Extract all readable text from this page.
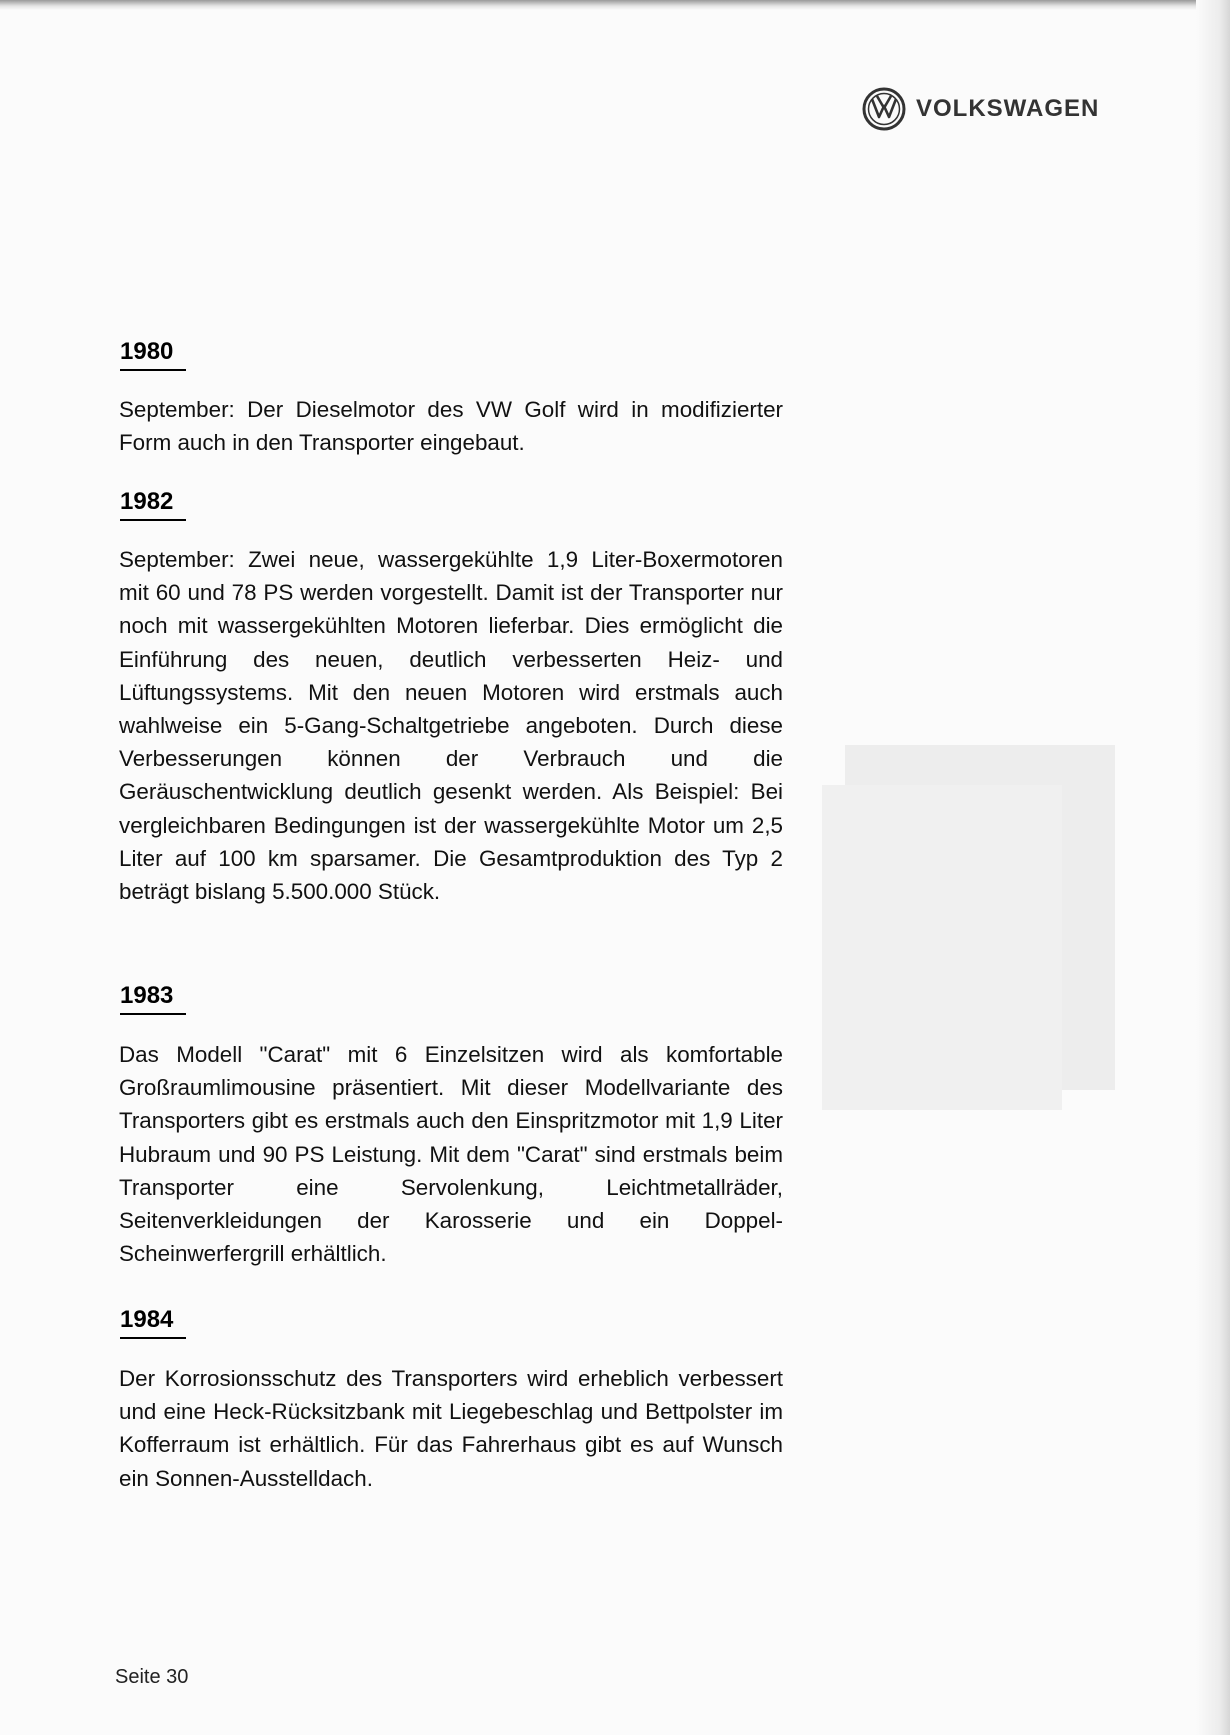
VOLKSWAGEN
1980

September: Der Dieselmotor des VW Golf wird in modifizierter Form auch in den Transporter eingebaut.

1982

September: Zwei neue, wassergekühlte 1,9 Liter-Boxermotoren mit 60 und 78 PS werden vorgestellt. Damit ist der Transporter nur noch mit wassergekühlten Motoren lieferbar. Dies ermöglicht die Einführung des neuen, deutlich verbesserten Heiz- und Lüftungssystems. Mit den neuen Motoren wird erstmals auch wahlweise ein 5-Gang-Schaltgetriebe angeboten. Durch diese Verbesserungen können der Verbrauch und die Geräuschentwicklung deutlich gesenkt werden. Als Beispiel: Bei vergleichbaren Bedingungen ist der wassergekühlte Motor um 2,5 Liter auf 100 km sparsamer. Die Gesamtproduktion des Typ 2 beträgt bislang 5.500.000 Stück.

1983

Das Modell "Carat" mit 6 Einzelsitzen wird als komfortable Großraumlimousine präsentiert. Mit dieser Modellvariante des Transporters gibt es erstmals auch den Einspritzmotor mit 1,9 Liter Hubraum und 90 PS Leistung. Mit dem "Carat" sind erstmals beim Transporter eine Servolenkung, Leichtmetallräder, Seitenverkleidungen der Karosserie und ein Doppel-Scheinwerfergrill erhältlich.

1984

Der Korrosionsschutz des Transporters wird erheblich verbessert und eine Heck-Rücksitzbank mit Liegebeschlag und Bettpolster im Kofferraum ist erhältlich. Für das Fahrerhaus gibt es auf Wunsch ein Sonnen-Ausstelldach.

Seite 30
